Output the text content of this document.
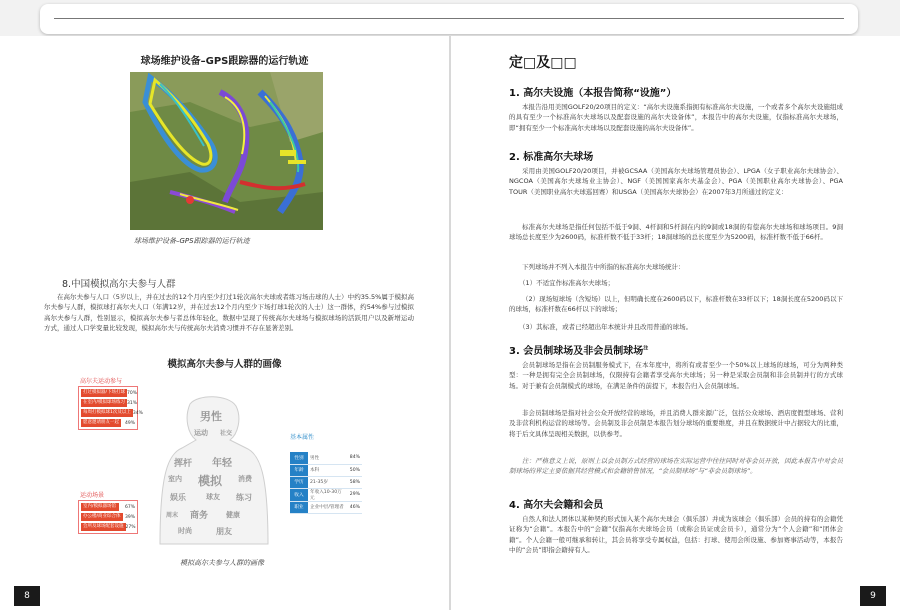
球场维护设备–GPS跟踪器的运行轨迹
球场维护设备–GPS跟踪器的运行轨迹
8.中国模拟高尔夫参与人群
在高尔夫参与人口（5岁以上，并在过去的12个月内至少打过1轮次高尔夫球或者练习场击球的人士）中约35.5%属于模拟高尔夫参与人群，模拟球打高尔夫人口（年满12岁，并在过去12个月内至少下场打球1轮次的人士）这一群体，约54%参与过模拟高尔夫参与人群，性别显示，模拟高尔夫参与者总体年轻化，数据中呈现了传统高尔夫球场与模拟球场的活跃用户以及新增运动方式，通过人口学变量比较发现，模拟高尔夫与传统高尔夫消费习惯并不存在显著差别。
模拟高尔夫参与人群的画像
高尔夫运动参与
打过模拟器/下场打球 70%
在室内/模拟球场练习 31%
每周打模拟球1次及以上 34%
愿意邀请朋友一起	49%
运动场景
室内/模拟器场馆	67%
办公楼/商业综合体 39%
会所及球场配套设施 27%
男性
运动 社交
挥杆 年轻
室内 模拟 消费
娱乐	球友 练习
周末 商务	健康
时尚	朋友
基本属性
性别	男性	84%
年龄	本科	50%
学历	21-35岁	58%
收入	年收入10-30万元	29%
职业	企业中层/管理者	46%
模拟高尔夫参与人群的画像
8
定□及□□
1. 高尔夫设施（本报告简称“设施”）
本报告沿用美国GOLF20/20项目的定义：“高尔夫设施系指拥有标准高尔夫设施，一个或者多个高尔夫设施组成的具有至少一个标准高尔夫球场以及配套设施的高尔夫设备体”，本报告中的高尔夫设施，仅指标准高尔夫球场，即“拥有至少一个标准高尔夫球场以及配套设施的高尔夫设备体”。
2. 标准高尔夫球场
采用由美国GOLF20/20项目，并被GCSAA（美国高尔夫球场管理员协会）、LPGA（女子职业高尔夫球协会）、NGCOA（美国高尔夫球场业主协会）、NGF（美国国家高尔夫基金会）、PGA（美国职业高尔夫球协会）、PGA TOUR（美国职业高尔夫球巡回赛）和USGA（美国高尔夫球协会）在2007年3月所通过的定义：
标准高尔夫球场是指任何包括不低于9洞、4杆洞和5杆洞在内的9洞或18洞的有偿高尔夫球场和球场项目。9洞球场总长度至少为2600码，标准杆数不低于33杆；18洞球场的总长度至少为5200码，标准杆数不低于66杆。
下列球场并不列入本报告中所指的标准高尔夫球场统计：
（1）不适宜作标准高尔夫球场；
（2）现场短球场（含短场）以上，但明确长度在2600码以下，标准杆数在33杆以下；18洞长度在5200码以下的球场，标准杆数在66杆以下的球场；
（3）其标准，或者已经超出年本统计并且改用普通的球场。
3. 会员制球场及非会员制球场$^注$
会员制球场是指在会员制服务模式下，在本年度中，将所有或者至少一个50%以上球场的球场，可分为两种类型：一种是拥有完全会员制球场，仅限持有会籍者享受高尔夫球场；另一种是采取会员制和非会员制并行的方式球场。对于兼有会员制模式的球场，在满足条件的前提下，本报告归入会员制球场。
非会员制球场是指对社会公众开放经营的球场，并且消费人群来源广泛，包括公众球场、酒店度假型球场、营利及非营利机构运营的球场等。会员制及非会员制是本报告划分球场的重要维度，并且在数据统计中占据较大的比重，将于后文具体呈现相关数据，以供参考。
注：严格意义上说，原则上以会员制方式经营的球场在实际运营中往往同时对非会员开放，因此本报告中对会员制球场的界定主要依据其经营模式和会籍销售情况，“会员制球场”与“非会员制球场”。
4. 高尔夫会籍和会员
自然人和法人团体以某种契约形式加入某个高尔夫球会（俱乐部）并成为该球会（俱乐部）会员的持有的会籍凭证称为“会籍”。本报告中的“会籍”仅指高尔夫球场会员（或称会员证或会员卡），通常分为“个人会籍”和“团体会籍”。个人会籍一般可继承和转让，其会员将享受专属权益，包括：打球、使用会所设施、参加赛事活动等，本报告中的“会员”即指会籍持有人。
9
